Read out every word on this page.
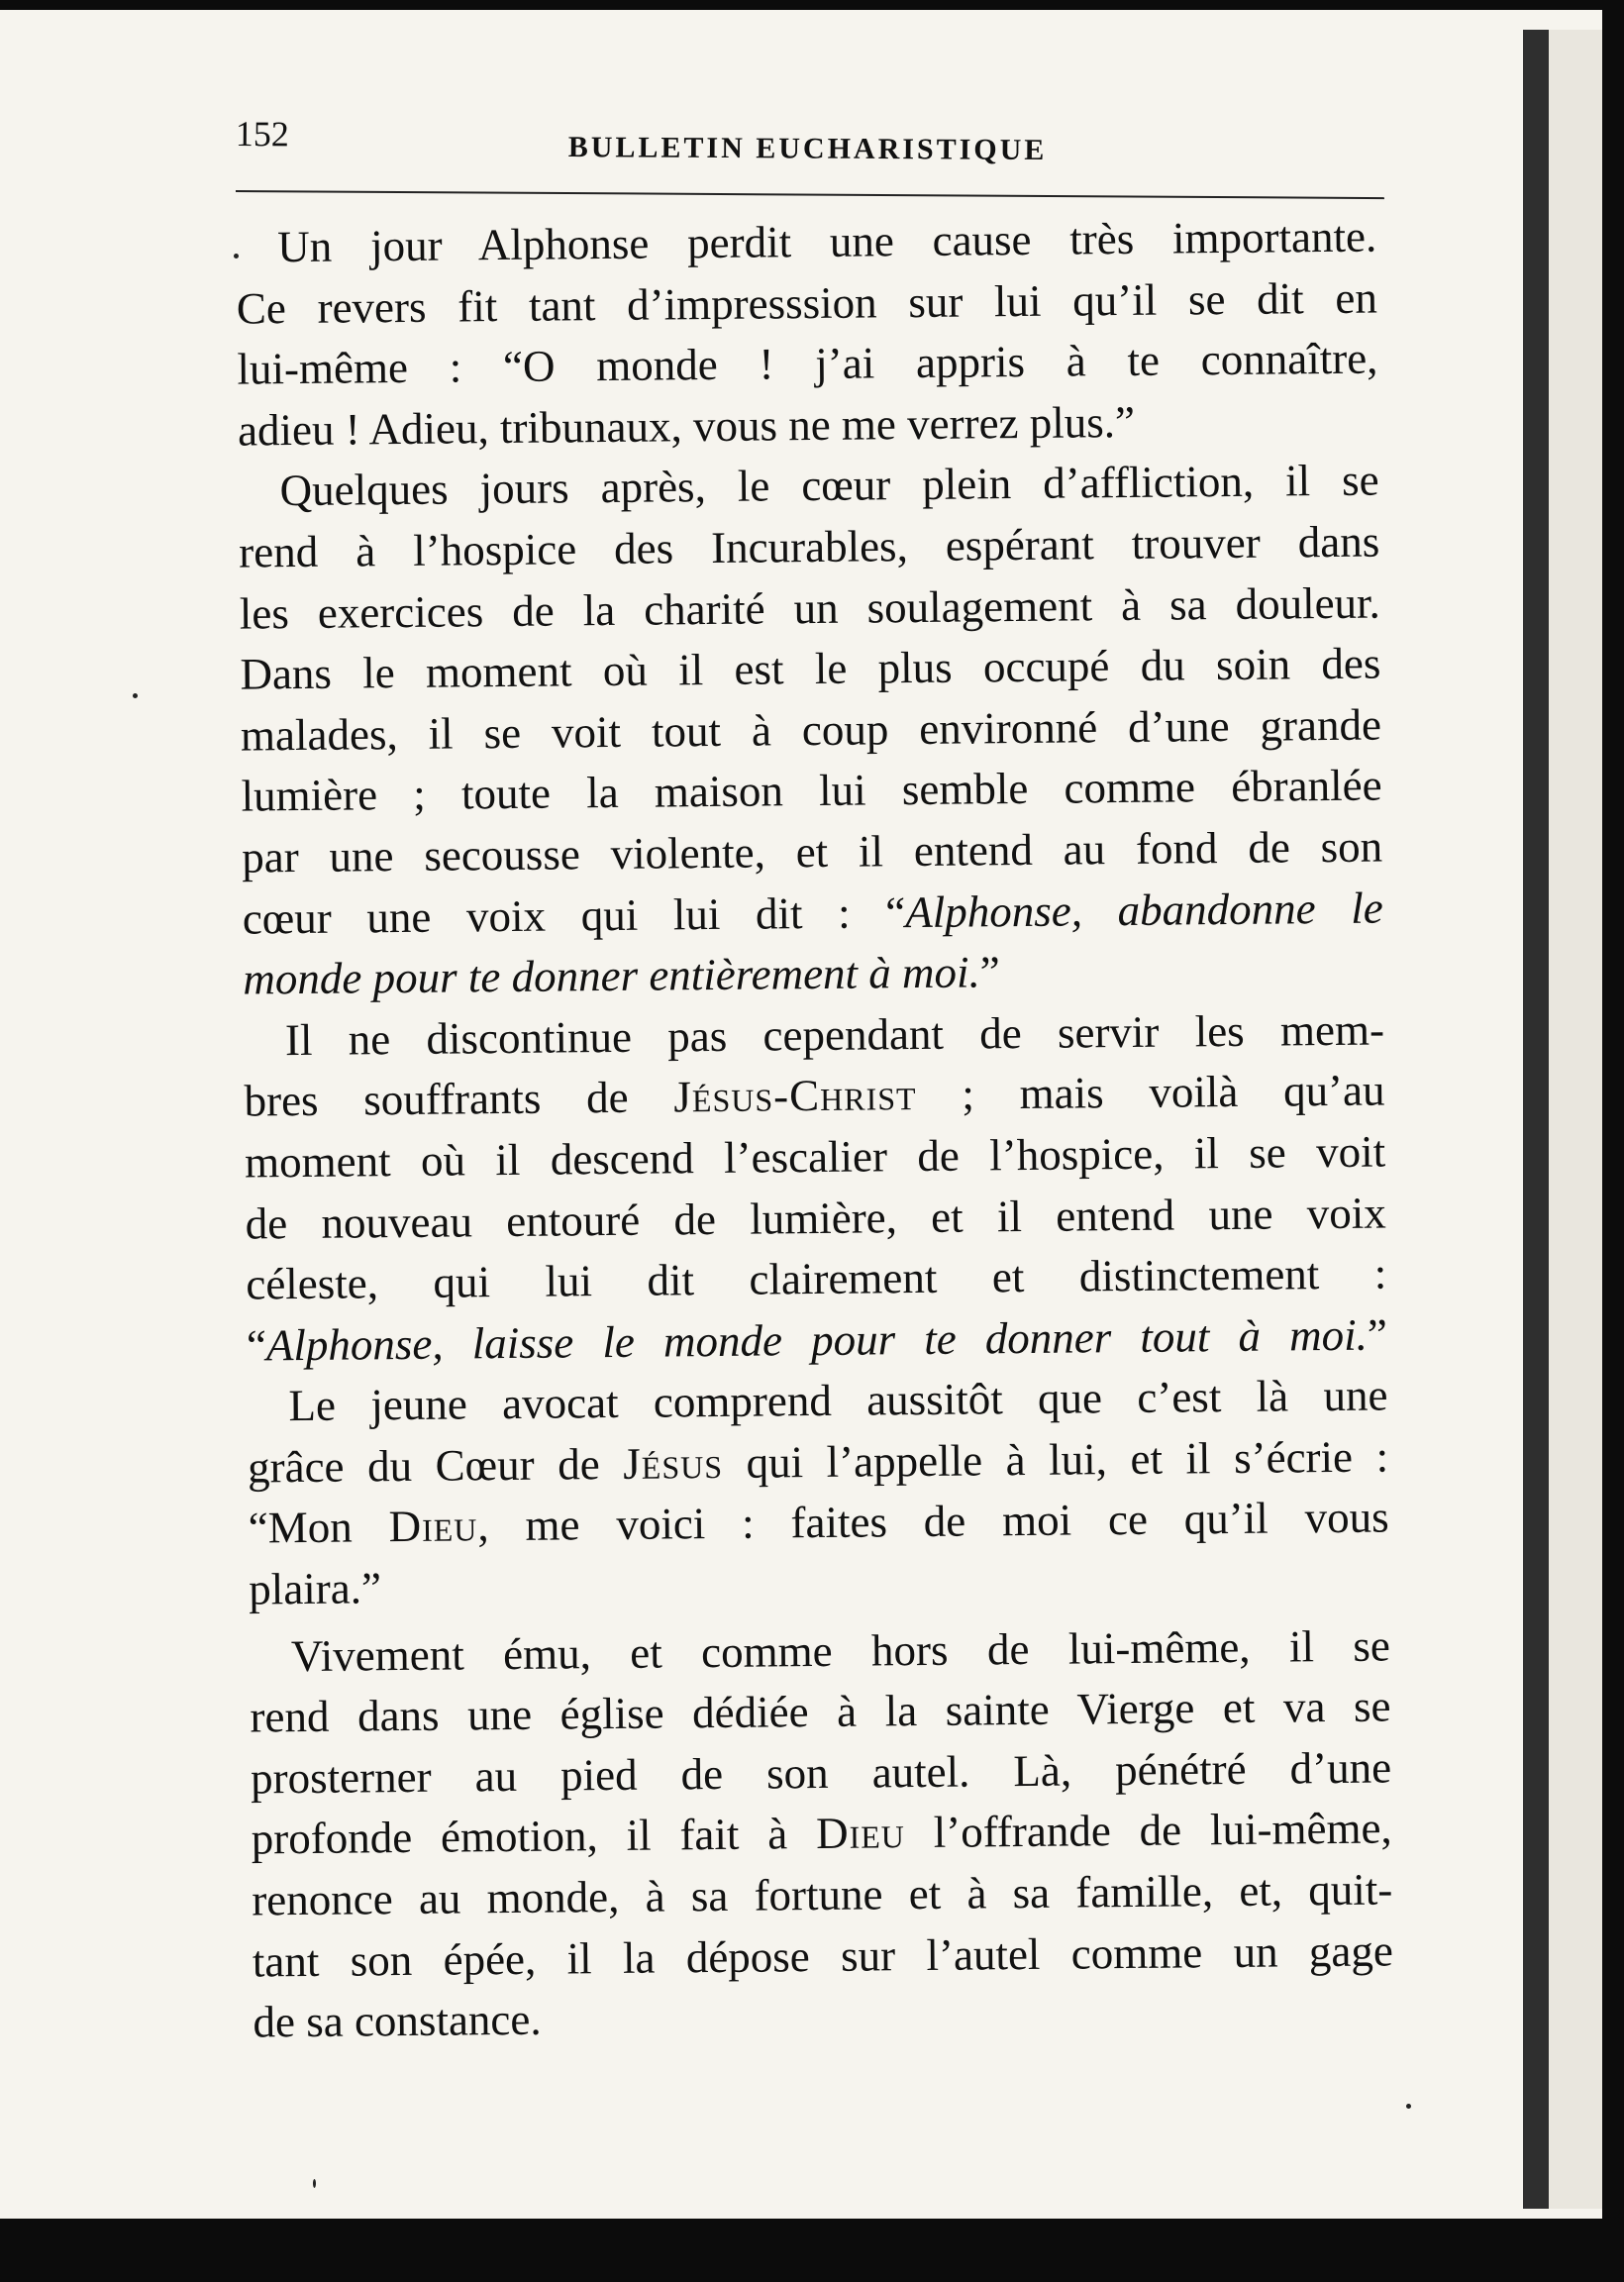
152	BULLETIN EUCHARISTIQUE

Un jour Alphonse perdit une cause très importante.
Ce revers fit tant d’impresssion sur lui qu’il se dit en
lui-même : “O monde ! j’ai appris à te connaître,
adieu ! Adieu, tribunaux, vous ne me verrez plus.”

Quelques jours après, le cœur plein d’affliction, il se
rend à l’hospice des Incurables, espérant trouver dans
les exercices de la charité un soulagement à sa douleur.
Dans le moment où il est le plus occupé du soin des
malades, il se voit tout à coup environné d’une grande
lumière ; toute la maison lui semble comme ébranlée
par une secousse violente, et il entend au fond de son
cœur une voix qui lui dit : “Alphonse, abandonne le
monde pour te donner entièrement à moi.”

Il ne discontinue pas cependant de servir les mem-
bres souffrants de Jésus-Christ ; mais voilà qu’au
moment où il descend l’escalier de l’hospice, il se voit
de nouveau entouré de lumière, et il entend une voix
céleste, qui lui dit clairement et distinctement :
“Alphonse, laisse le monde pour te donner tout à moi.”

Le jeune avocat comprend aussitôt que c’est là une
grâce du Cœur de Jésus qui l’appelle à lui, et il s’écrie :
“Mon Dieu, me voici : faites de moi ce qu’il vous
plaira.”

Vivement ému, et comme hors de lui-même, il se
rend dans une église dédiée à la sainte Vierge et va se
prosterner au pied de son autel. Là, pénétré d’une
profonde émotion, il fait à Dieu l’offrande de lui-même,
renonce au monde, à sa fortune et à sa famille, et, quit-
tant son épée, il la dépose sur l’autel comme un gage
de sa constance.
